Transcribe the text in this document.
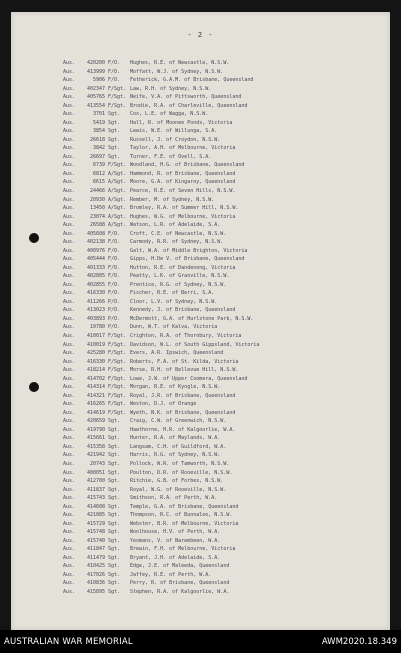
- 2 -
Aus.	420200 F/O.	Hughes, R.E. of Newcastle, N.S.W.
Aus.	413999 F/O.	Moffatt, W.J. of Sydney, N.S.W.
Aus.	5906 F/O.	Fetherick, G.A.M. of Brisbane, Queensland
Aus.	402347 F/Sgt. Law, R.H. of Sydney, N.S.W.
Aus.	405765 F/Sgt. Neife, V.A. of Pittsworth, Queensland
Aus.	413554 F/Sgt. Brodie, R.A. of Charleville, Queensland
Aus.	3701 Sgt.	Cox, L.E. of Wagga, N.S.W.
Aus.	5419 Sgt.	Hall, R. of Moonee Ponds, Victoria
Aus.	3854 Sgt.	Lewis, W.E. of Willunga, S.A.
Aus.	26618 Sgt.	Russell, J. of Croydon, N.S.W.
Aus.	3842 Sgt.	Taylor, A.H. of Melbourne, Victoria
Aus.	26697 Sgt.	Turner, F.E. of Ovell, S.A.
Aus.	6739 F/Sgt. Woodland, H.G. of Brisbane, Queensland
Aus.	6812 A/Sgt. Hammond, R. of Brisbane, Queensland
Aus.	6615 A/Sgt. Moore, G.A. of Kingaroy, Queensland
Aus.	24466 A/Sgt. Pearce, R.E. of Seven Hills, N.S.W.
Aus.	20930 A/Sgt. Rember, M. of Sydney, N.S.W.
Aus.	13450 A/Sgt. Bromley, R.A. of Summer Hill, N.S.W.
Aus.	23074 A/Sgt. Hughes, W.G. of Melbourne, Victoria
Aus.	26588 A/Sgt. Watson, L.R. of Adelaide, S.A.
Aus.	405608 F/O.	Croft, C.E. of Newcastle, N.S.W.
Aus.	402138 F/O.	Carmody, R.R. of Sydney, N.S.W.
Aus.	400976 F/O.	Galt, W.A. of Middle Brighton, Victoria
Aus.	405444 F/O.	Gipps, H.De V. of Brisbane, Queensland
Aus.	401333 F/O.	Hutton, R.E. of Dandenong, Victoria
Aus.	402805 F/O.	Peatty, L.K. of Granville, N.S.W.
Aus.	402855 F/O.	Prentice, R.G. of Sydney, N.S.W.
Aus.	416330 F/O.	Fischer, R.E. of Berri, S.A.
Aus.	411266 P/O.	Cloor, L.V. of Sydney, N.S.W.
Aus.	413023 P/O.	Kennedy, J. of Brisbane, Queensland
Aus.	403893 P/O.	McDermott, G.A. of Hurlstone Park, N.S.W.
Aus.	10780 P/O.	Dunn, W.T. of Kalva, Victoria
Aus.	410017 F/Sgt. Crighton, R.A. of Thornbury, Victoria
Aus.	410019 F/Sgt. Davidson, W.L. of South Gippsland, Victoria
Aus.	425280 F/Sgt. Evers, A.R. Ipswich, Queensland
Aus.	416330 F/Sgt. Roberts, F.A. of St. Kilda, Victoria
Aus.	418214 F/Sgt. Morse, R.H. of Bellevue Hill, N.S.W.
Aus.	414702 F/Sgt. Lowe, J.W. of Upper Coomera, Queensland
Aus.	414314 F/Sgt. Morgan, R.E. of Kyogle, N.S.W.
Aus.	414321 F/Sgt. Royal, J.R. of Brisbane, Queensland
Aus.	416265 F/Sgt. Weston, D.J. of Orange
Aus.	414619 F/Sgt. Wyeth, N.K. of Brisbane, Queensland
Aus.	420659 Sgt.	Craig, C.W. of Greenwich, N.S.W.
Aus.	419790 Sgt.	Hawthorne, H.R. of Kalgoorlie, W.A.
Aus.	415661 Sgt.	Hunter, R.A. of Maylands, W.A.
Aus.	415358 Sgt.	Langsam, C.H. of Guildford, W.A.
Aus.	421942 Sgt.	Harris, R.G. of Sydney, N.S.W.
Aus.	20743 Sgt.	Pollock, W.R. of Tamworth, N.S.W.
Aus.	400051 Sgt.	Poulton, D.R. of Rooeville, N.S.W.
Aus.	412700 Sgt.	Ritchie, G.B. of Forbes, N.S.W.
Aus.	411837 Sgt.	Royal, W.G. of Rooeville, N.S.W.
Aus.	415743 Sgt.	Smithson, R.A. of Perth, W.A.
Aus.	414608 Sgt.	Temple, G.A. of Brisbane, Queensland
Aus.	421085 Sgt.	Thompson, R.C. of Bunnaloo, N.S.W.
Aus.	415729 Sgt.	Webster, B.R. of Melbourne, Victoria
Aus.	415748 Sgt.	Woolhouse, H.V. of Perth, W.A.
Aus.	415740 Sgt.	Yeomans, V. of Narembeen, W.A.
Aus.	411847 Sgt.	Brewin, F.H. of Melbourne, Victoria
Aus.	411479 Sgt.	Bryant, J.H. of Adelaide, S.A.
Aus.	410425 Sgt.	Edge, J.E. of Maleeda, Queensland
Aus.	417026 Sgt.	Jaffey, R.E. of Perth, W.A.
Aus.	410836 Sgt.	Perry, R. of Brisbane, Queensland
Aus.	415895 Sgt.	Stephen, R.A. of Kalgoorlie, W.A.
AUSTRALIAN WAR MEMORIAL	AWM2020.18.349
